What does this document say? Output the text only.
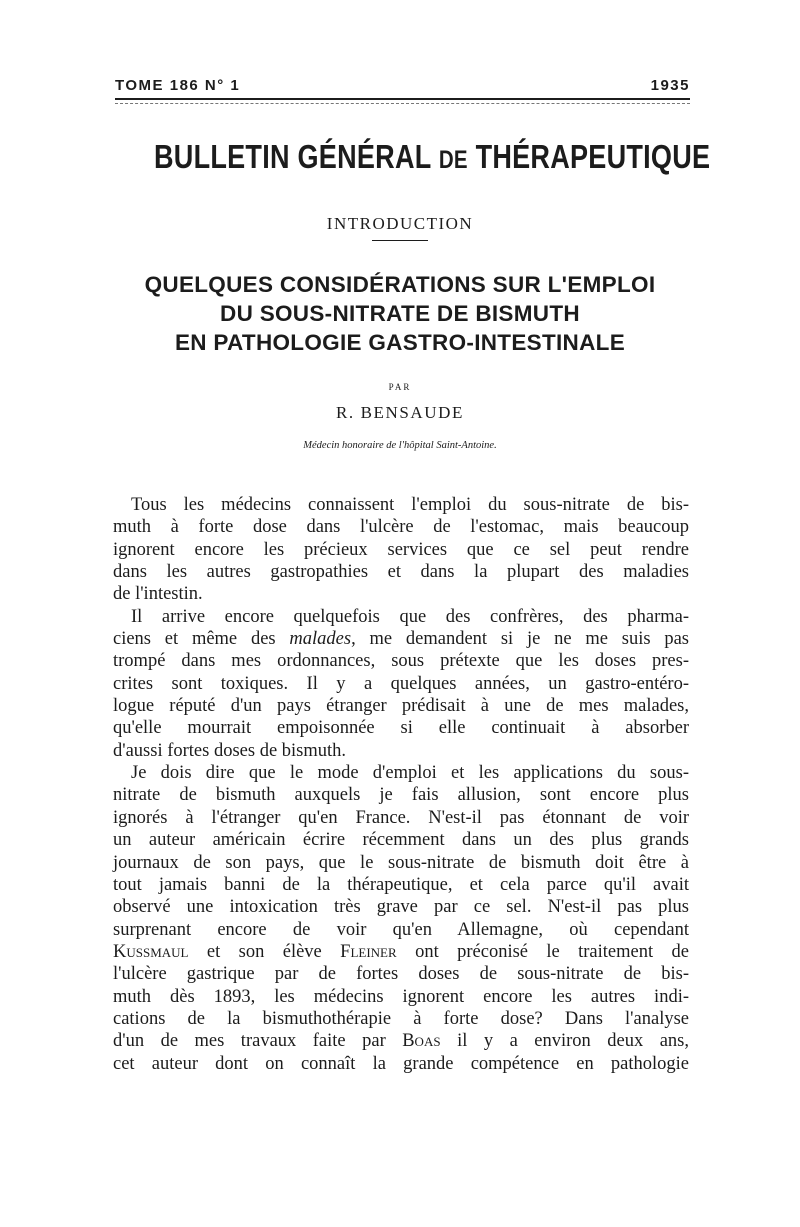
TOME 186 N° 1	1935
BULLETIN GÉNÉRAL DE THÉRAPEUTIQUE
INTRODUCTION
QUELQUES CONSIDÉRATIONS SUR L'EMPLOI
DU SOUS-NITRATE DE BISMUTH
EN PATHOLOGIE GASTRO-INTESTINALE
PAR
R. BENSAUDE
Médecin honoraire de l'hôpital Saint-Antoine.
Tous les médecins connaissent l'emploi du sous-nitrate de bis-
muth à forte dose dans l'ulcère de l'estomac, mais beaucoup
ignorent encore les précieux services que ce sel peut rendre
dans les autres gastropathies et dans la plupart des maladies
de l'intestin.
Il arrive encore quelquefois que des confrères, des pharma-
ciens et même des malades, me demandent si je ne me suis pas
trompé dans mes ordonnances, sous prétexte que les doses pres-
crites sont toxiques. Il y a quelques années, un gastro-entéro-
logue réputé d'un pays étranger prédisait à une de mes malades,
qu'elle mourrait empoisonnée si elle continuait à absorber
d'aussi fortes doses de bismuth.
Je dois dire que le mode d'emploi et les applications du sous-
nitrate de bismuth auxquels je fais allusion, sont encore plus
ignorés à l'étranger qu'en France. N'est-il pas étonnant de voir
un auteur américain écrire récemment dans un des plus grands
journaux de son pays, que le sous-nitrate de bismuth doit être à
tout jamais banni de la thérapeutique, et cela parce qu'il avait
observé une intoxication très grave par ce sel. N'est-il pas plus
surprenant encore de voir qu'en Allemagne, où cependant
Kussmaul et son élève Fleiner ont préconisé le traitement de
l'ulcère gastrique par de fortes doses de sous-nitrate de bis-
muth dès 1893, les médecins ignorent encore les autres indi-
cations de la bismuthothérapie à forte dose? Dans l'analyse
d'un de mes travaux faite par Boas il y a environ deux ans,
cet auteur dont on connaît la grande compétence en pathologie
